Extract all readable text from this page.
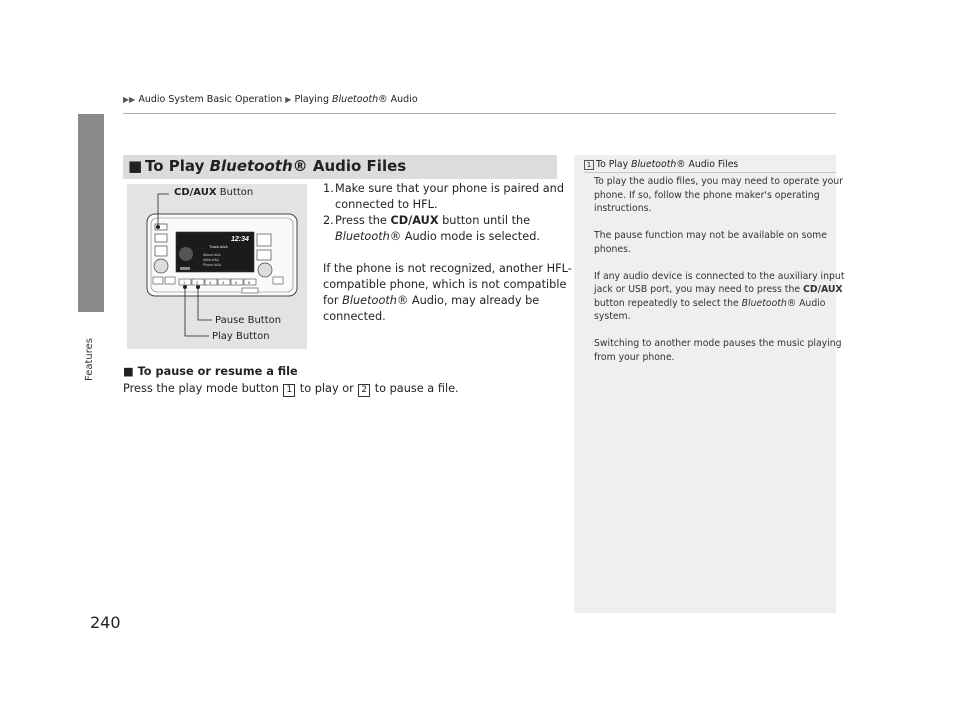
▶▶ Audio System Basic Operation ▶ Playing Bluetooth® Audio
Features
240
■ To Play Bluetooth® Audio Files
12:34
Track AAA
Album AAA
Artist AAA
Phone AAA
1	2	3	4	5	6
CD/AUX Button
Pause Button
Play Button
1. Make sure that your phone is paired and
connected to HFL.
2. Press the CD/AUX button until the
Bluetooth® Audio mode is selected.
If the phone is not recognized, another HFL-
compatible phone, which is not compatible
for Bluetooth® Audio, may already be
connected.
■ To pause or resume a file
Press the play mode button 1 to play or 2 to pause a file.
1 To Play Bluetooth® Audio Files
To play the audio files, you may need to operate your
phone. If so, follow the phone maker's operating
instructions.
The pause function may not be available on some
phones.
If any audio device is connected to the auxiliary input
jack or USB port, you may need to press the CD/AUX
button repeatedly to select the Bluetooth® Audio
system.
Switching to another mode pauses the music playing
from your phone.
